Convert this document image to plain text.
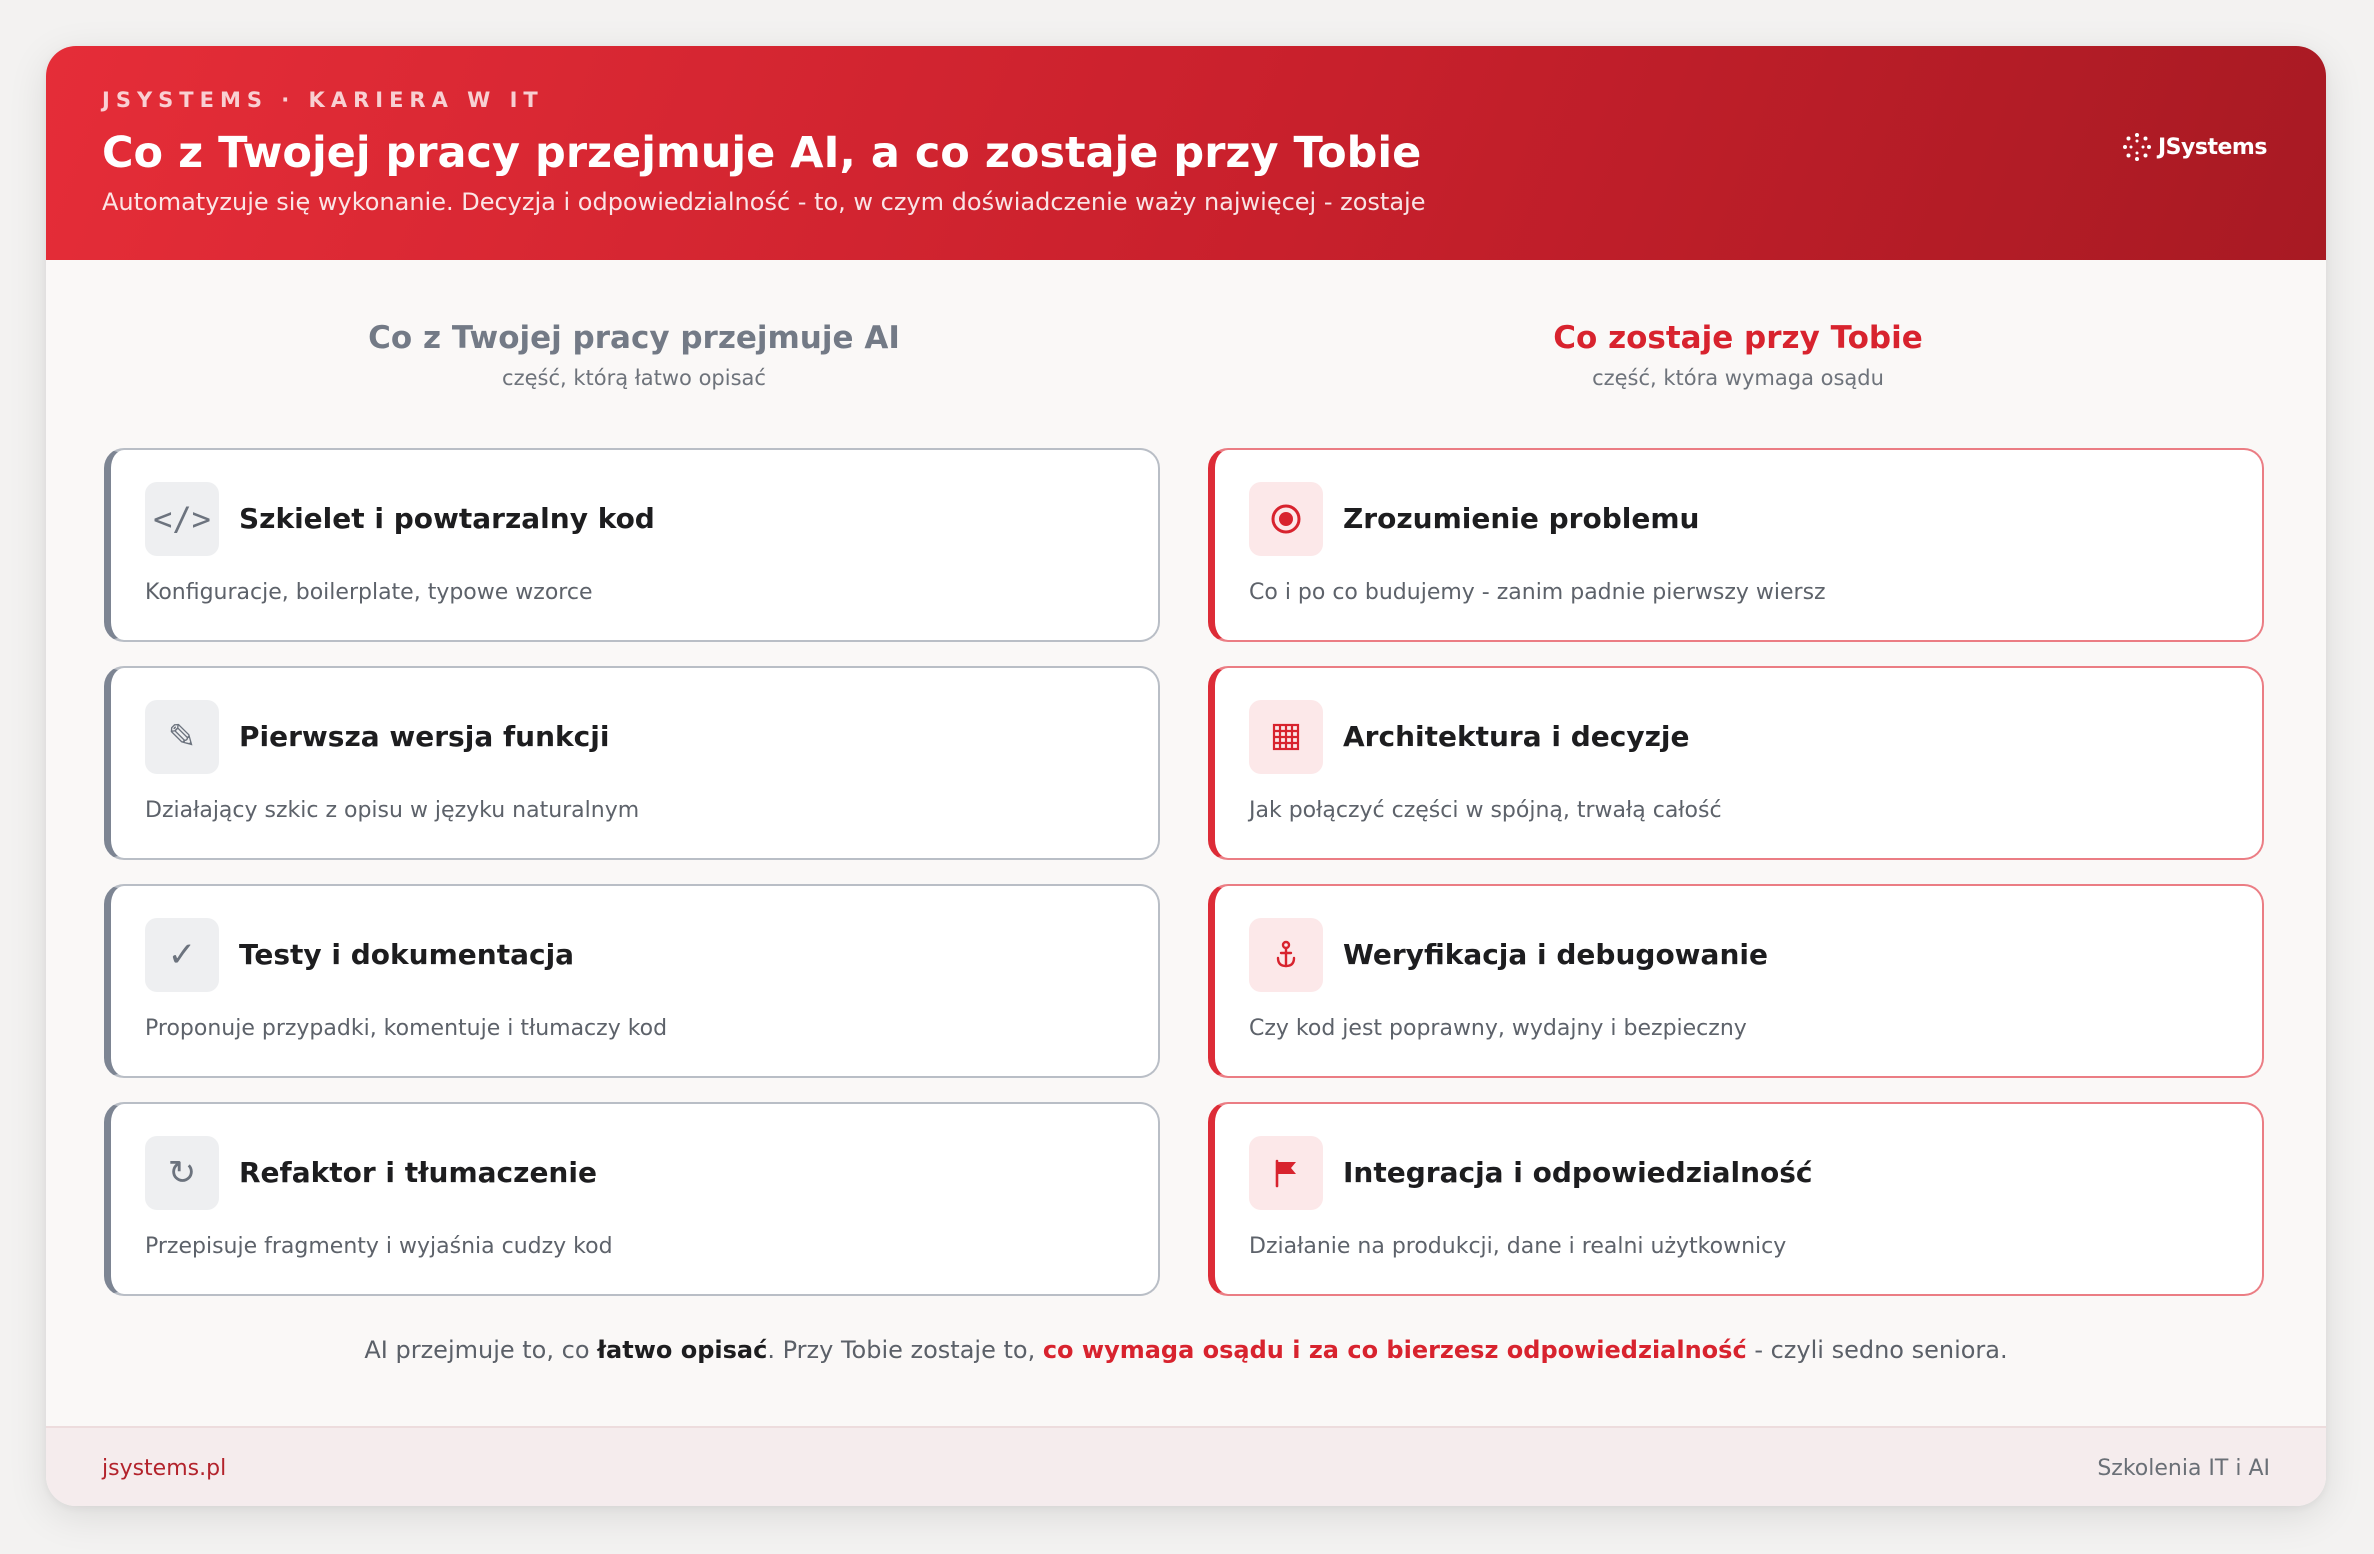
JSYSTEMS · KARIERA W IT
Co z Twojej pracy przejmuje AI, a co zostaje przy Tobie
Automatyzuje się wykonanie. Decyzja i odpowiedzialność - to, w czym doświadczenie waży najwięcej - zostaje
JSystems
Co z Twojej pracy przejmuje AI
część, którą łatwo opisać
Co zostaje przy Tobie
część, która wymaga osądu
</> Szkielet i powtarzalny kod
Konfiguracje, boilerplate, typowe wzorce
✎	Pierwsza wersja funkcji
Działający szkic z opisu w języku naturalnym
✓	Testy i dokumentacja
Proponuje przypadki, komentuje i tłumaczy kod
↻	Refaktor i tłumaczenie
Przepisuje fragmenty i wyjaśnia cudzy kod
Zrozumienie problemu
Co i po co budujemy - zanim padnie pierwszy wiersz
Architektura i decyzje
Jak połączyć części w spójną, trwałą całość
Weryfikacja i debugowanie
Czy kod jest poprawny, wydajny i bezpieczny
Integracja i odpowiedzialność
Działanie na produkcji, dane i realni użytkownicy
AI przejmuje to, co łatwo opisać. Przy Tobie zostaje to, co wymaga osądu i za co bierzesz odpowiedzialność - czyli sedno seniora.
jsystems.pl	Szkolenia IT i AI
